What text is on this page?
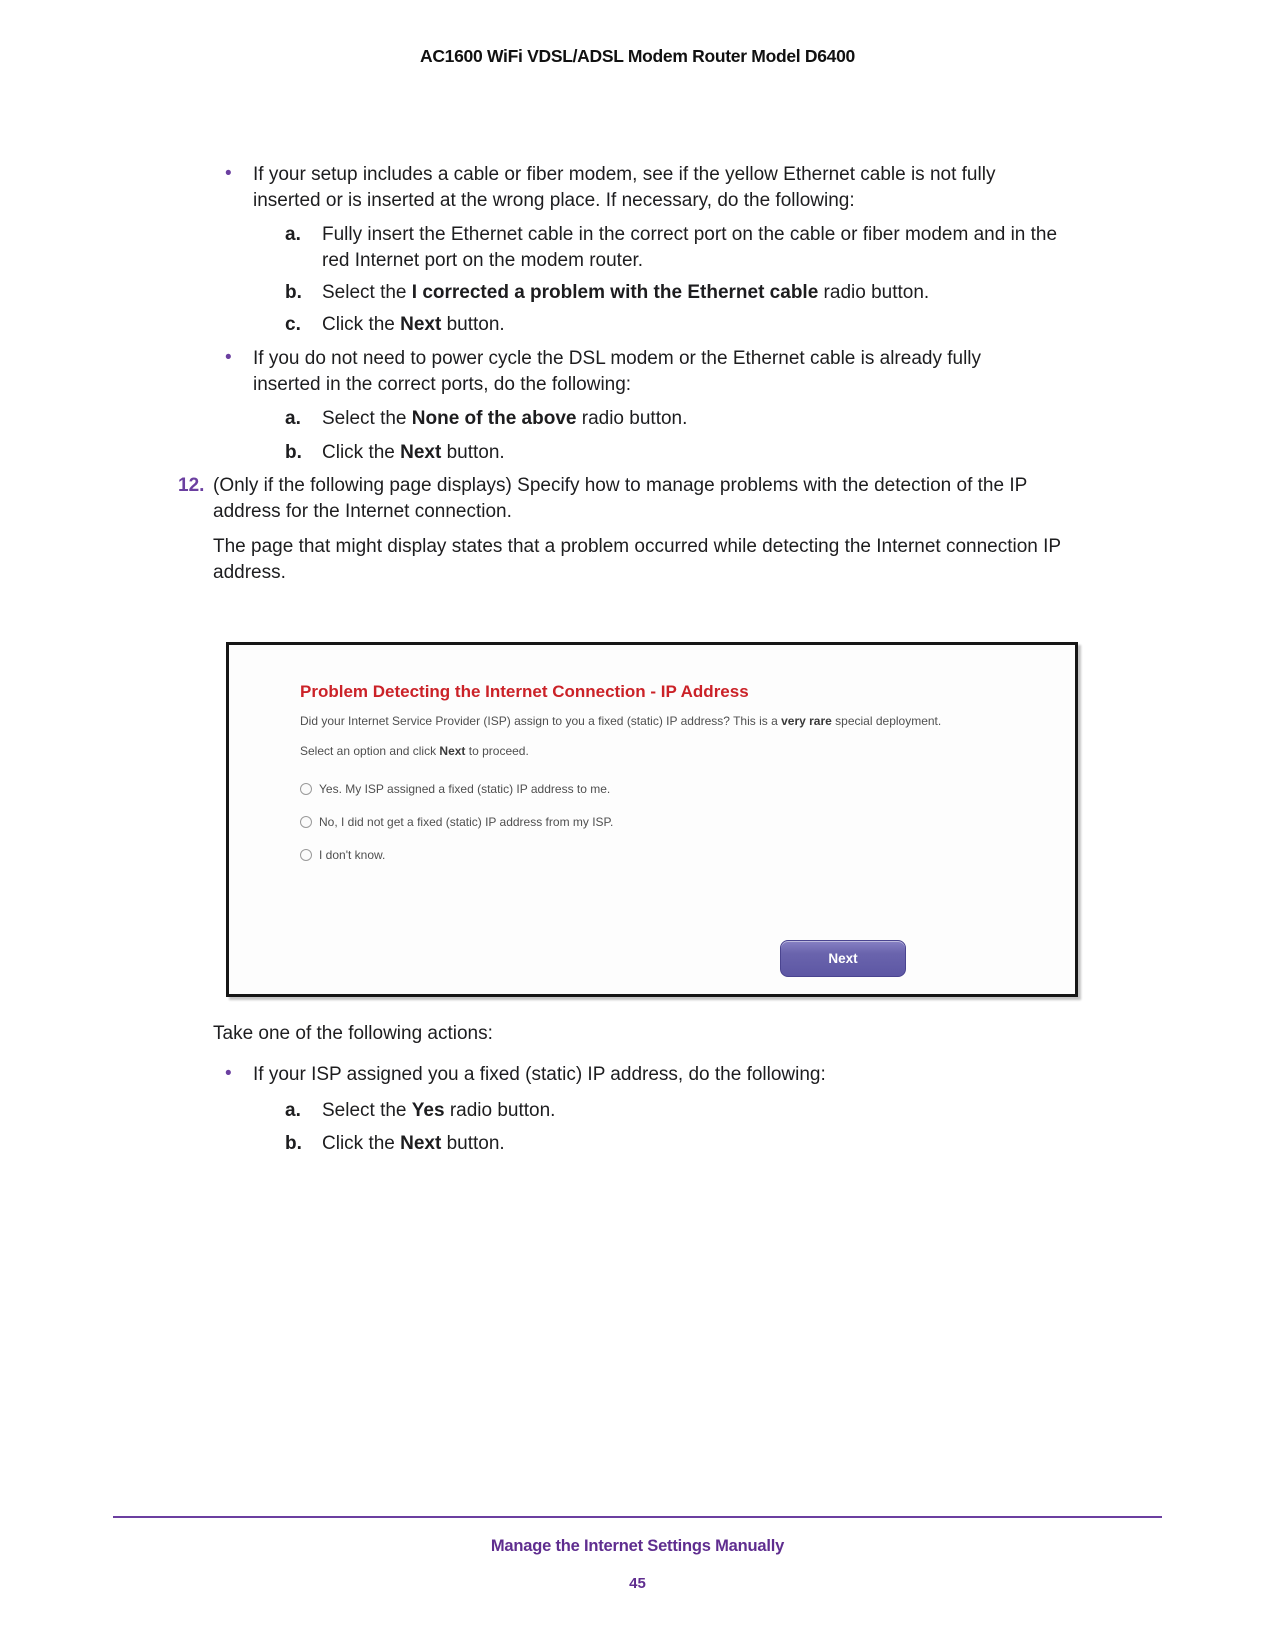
AC1600 WiFi VDSL/ADSL Modem Router Model D6400
• If your setup includes a cable or fiber modem, see if the yellow Ethernet cable is not fully inserted or is inserted at the wrong place. If necessary, do the following:
a.	Fully insert the Ethernet cable in the correct port on the cable or fiber modem and in the red Internet port on the modem router.
b.	Select the I corrected a problem with the Ethernet cable radio button.
c.	Click the Next button.
• If you do not need to power cycle the DSL modem or the Ethernet cable is already fully inserted in the correct ports, do the following:
a.	Select the None of the above radio button.
b.	Click the Next button.
12. (Only if the following page displays) Specify how to manage problems with the detection of the IP address for the Internet connection.
The page that might display states that a problem occurred while detecting the Internet connection IP address.
Problem Detecting the Internet Connection - IP Address

Did your Internet Service Provider (ISP) assign to you a fixed (static) IP address? This is a very rare special deployment.

Select an option and click Next to proceed.

Yes. My ISP assigned a fixed (static) IP address to me.
No, I did not get a fixed (static) IP address from my ISP.
I don't know.
Next
Take one of the following actions:
• If your ISP assigned you a fixed (static) IP address, do the following:
a.	Select the Yes radio button.
b.	Click the Next button.
Manage the Internet Settings Manually
45
